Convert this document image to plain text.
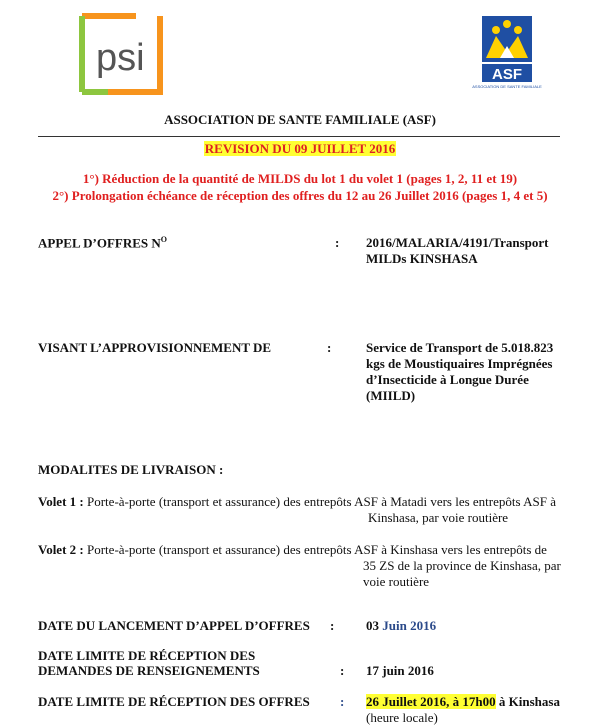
psi	ASF
ASSOCIATION DE SANTE FAMILIALE
ASSOCIATION DE SANTE FAMILIALE (ASF)
REVISION DU 09 JUILLET 2016
1°) Réduction de la quantité de MILDS du lot 1 du volet 1 (pages 1, 2, 11 et 19)
2°) Prolongation échéance de réception des offres du 12 au 26 Juillet 2016 (pages 1, 4 et 5)
APPEL D’OFFRES $N^O$	: 2016/MALARIA/4191/Transport
MILDs KINSHASA
VISANT L’APPROVISIONNEMENT DE	:	Service de Transport de 5.018.823
kgs de Moustiquaires Imprégnées
d’Insecticide à Longue Durée
(MIILD)
MODALITES DE LIVRAISON :
Volet 1 : Porte-à-porte (transport et assurance) des entrepôts ASF à Matadi vers les entrepôts ASF à
Kinshasa, par voie routière
Volet 2 : Porte-à-porte (transport et assurance) des entrepôts ASF à Kinshasa vers les entrepôts de
35 ZS de la province de Kinshasa, par
voie routière
DATE DU LANCEMENT D’APPEL D’OFFRES : 03 Juin 2016
DATE LIMITE DE RÉCEPTION DES
DEMANDES DE RENSEIGNEMENTS	: 17 juin 2016
DATE LIMITE DE RÉCEPTION DES OFFRES : 26 Juillet 2016, à 17h00 à Kinshasa
(heure locale)
